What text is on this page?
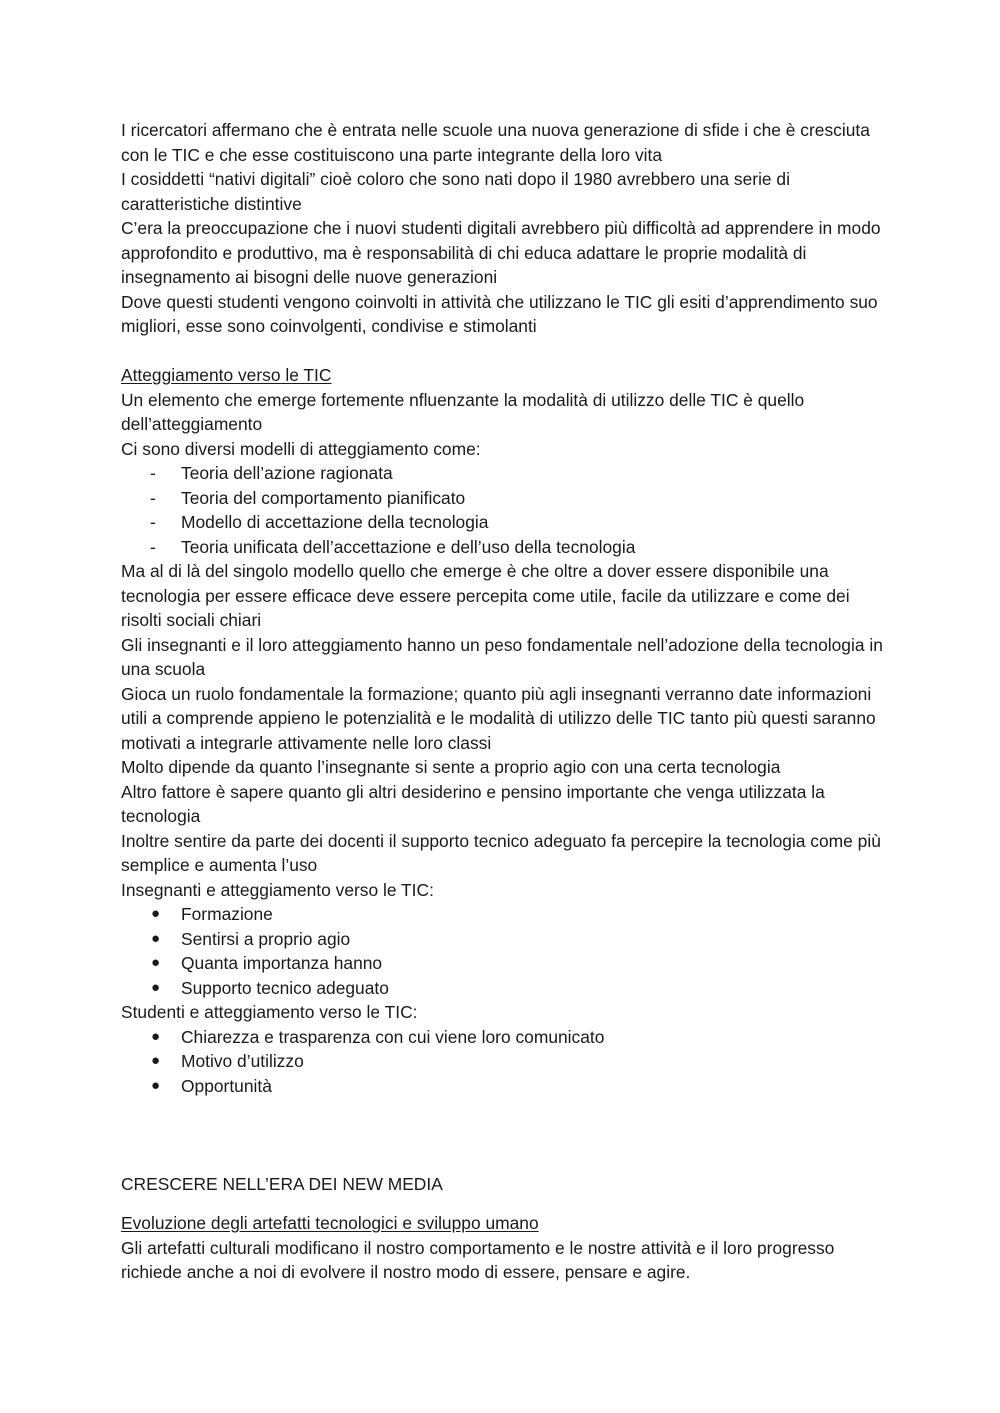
I ricercatori affermano che è entrata nelle scuole una nuova generazione di sfide i che è cresciuta con le TIC e che esse costituiscono una parte integrante della loro vita

I cosiddetti “nativi digitali” cioè coloro che sono nati dopo il 1980 avrebbero una serie di caratteristiche distintive

C’era la preoccupazione che i nuovi studenti digitali avrebbero più difficoltà ad apprendere in modo approfondito e produttivo, ma è responsabilità di chi educa adattare le proprie modalità di insegnamento ai bisogni delle nuove generazioni

Dove questi studenti vengono coinvolti in attività che utilizzano le TIC gli esiti d’apprendimento suo migliori, esse sono coinvolgenti, condivise e stimolanti

Atteggiamento verso le TIC

Un elemento che emerge fortemente nfluenzante la modalità di utilizzo delle TIC è quello dell’atteggiamento

Ci sono diversi modelli di atteggiamento come:

- Teoria dell’azione ragionata
- Teoria del comportamento pianificato
- Modello di accettazione della tecnologia
- Teoria unificata dell’accettazione e dell’uso della tecnologia

Ma al di là del singolo modello quello che emerge è che oltre a dover essere disponibile una tecnologia per essere efficace deve essere percepita come utile, facile da utilizzare e come dei risolti sociali chiari

Gli insegnanti e il loro atteggiamento hanno un peso fondamentale nell’adozione della tecnologia in una scuola

Gioca un ruolo fondamentale la formazione; quanto più agli insegnanti verranno date informazioni utili a comprende appieno le potenzialità e le modalità di utilizzo delle TIC tanto più questi saranno motivati a integrarle attivamente nelle loro classi

Molto dipende da quanto l’insegnante si sente a proprio agio con una certa tecnologia

Altro fattore è sapere quanto gli altri desiderino e pensino importante che venga utilizzata la tecnologia

Inoltre sentire da parte dei docenti il supporto tecnico adeguato fa percepire la tecnologia come più semplice e aumenta l’uso

Insegnanti e atteggiamento verso le TIC:

● Formazione
● Sentirsi a proprio agio
● Quanta importanza hanno
● Supporto tecnico adeguato

Studenti e atteggiamento verso le TIC:

● Chiarezza e trasparenza con cui viene loro comunicato
● Motivo d’utilizzo
● Opportunità

CRESCERE NELL’ERA DEI NEW MEDIA

Evoluzione degli artefatti tecnologici e sviluppo umano

Gli artefatti culturali modificano il nostro comportamento e le nostre attività e il loro progresso richiede anche a noi di evolvere il nostro modo di essere, pensare e agire.
